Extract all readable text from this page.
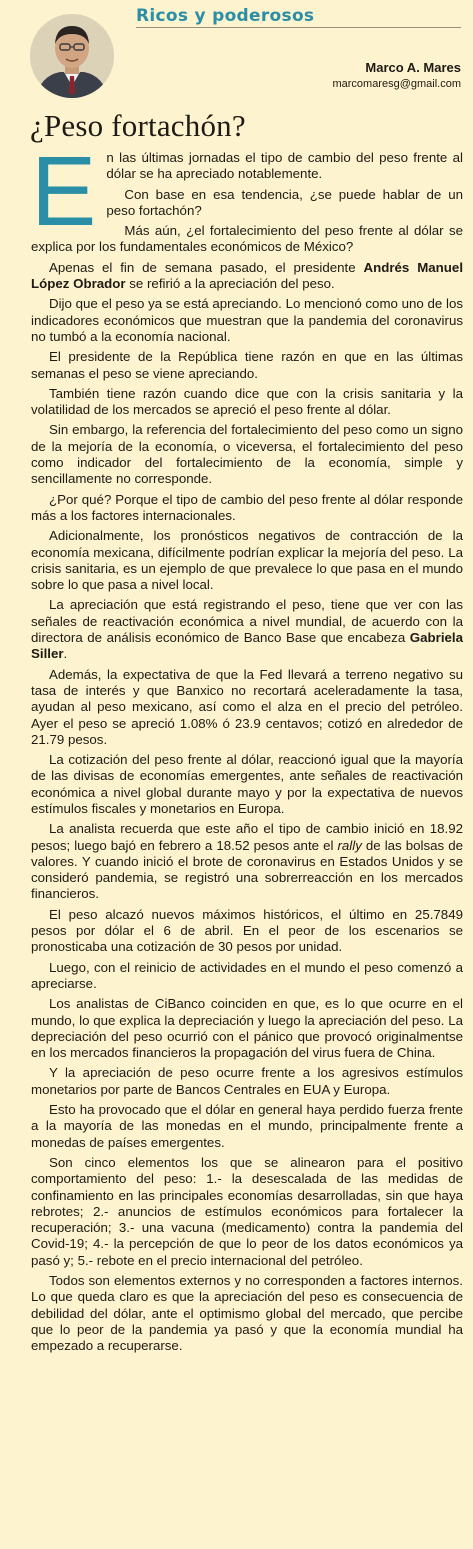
Ricos y poderosos
Marco A. Mares
marcomaresg@gmail.com
¿Peso fortachón?
E n las últimas jornadas el tipo de cambio del peso frente al dólar se ha apreciado notablemente.

Con base en esa tendencia, ¿se puede hablar de un peso fortachón?

Más aún, ¿el fortalecimiento del peso frente al dólar se explica por los fundamentales económicos de México?

Apenas el fin de semana pasado, el presidente Andrés Manuel López Obrador se refirió a la apreciación del peso.

Dijo que el peso ya se está apreciando. Lo mencionó como uno de los indicadores económicos que muestran que la pandemia del coronavirus no tumbó a la economía nacional.

El presidente de la República tiene razón en que en las últimas semanas el peso se viene apreciando.

También tiene razón cuando dice que con la crisis sanitaria y la volatilidad de los mercados se apreció el peso frente al dólar.

Sin embargo, la referencia del fortalecimiento del peso como un signo de la mejoría de la economía, o viceversa, el fortalecimiento del peso como indicador del fortalecimiento de la economía, simple y sencillamente no corresponde.

¿Por qué? Porque el tipo de cambio del peso frente al dólar responde más a los factores internacionales.

Adicionalmente, los pronósticos negativos de contracción de la economía mexicana, difícilmente podrían explicar la mejoría del peso. La crisis sanitaria, es un ejemplo de que prevalece lo que pasa en el mundo sobre lo que pasa a nivel local.

La apreciación que está registrando el peso, tiene que ver con las señales de reactivación económica a nivel mundial, de acuerdo con la directora de análisis económico de Banco Base que encabeza Gabriela Siller.

Además, la expectativa de que la Fed llevará a terreno negativo su tasa de interés y que Banxico no recortará aceleradamente la tasa, ayudan al peso mexicano, así como el alza en el precio del petróleo. Ayer el peso se apreció 1.08% ó 23.9 centavos; cotizó en alrededor de 21.79 pesos.

La cotización del peso frente al dólar, reaccionó igual que la mayoría de las divisas de economías emergentes, ante señales de reactivación económica a nivel global durante mayo y por la expectativa de nuevos estímulos fiscales y monetarios en Europa.

La analista recuerda que este año el tipo de cambio inició en 18.92 pesos; luego bajó en febrero a 18.52 pesos ante el rally de las bolsas de valores. Y cuando inició el brote de coronavirus en Estados Unidos y se consideró pandemia, se registró una sobrerreacción en los mercados financieros.

El peso alcazó nuevos máximos históricos, el último en 25.7849 pesos por dólar el 6 de abril. En el peor de los escenarios se pronosticaba una cotización de 30 pesos por unidad.

Luego, con el reinicio de actividades en el mundo el peso comenzó a apreciarse.

Los analistas de CiBanco coinciden en que, es lo que ocurre en el mundo, lo que explica la depreciación y luego la apreciación del peso. La depreciación del peso ocurrió con el pánico que provocó originalmentse en los mercados financieros la propagación del virus fuera de China.

Y la apreciación de peso ocurre frente a los agresivos estímulos monetarios por parte de Bancos Centrales en EUA y Europa.

Esto ha provocado que el dólar en general haya perdido fuerza frente a la mayoría de las monedas en el mundo, principalmente frente a monedas de países emergentes.

Son cinco elementos los que se alinearon para el positivo comportamiento del peso: 1.- la desescalada de las medidas de confinamiento en las principales economías desarrolladas, sin que haya rebrotes; 2.- anuncios de estímulos económicos para fortalecer la recuperación; 3.- una vacuna (medicamento) contra la pandemia del Covid-19; 4.- la percepción de que lo peor de los datos económicos ya pasó y; 5.- rebote en el precio internacional del petróleo.

Todos son elementos externos y no corresponden a factores internos. Lo que queda claro es que la apreciación del peso es consecuencia de debilidad del dólar, ante el optimismo global del mercado, que percibe que lo peor de la pandemia ya pasó y que la economía mundial ha empezado a recuperarse.
